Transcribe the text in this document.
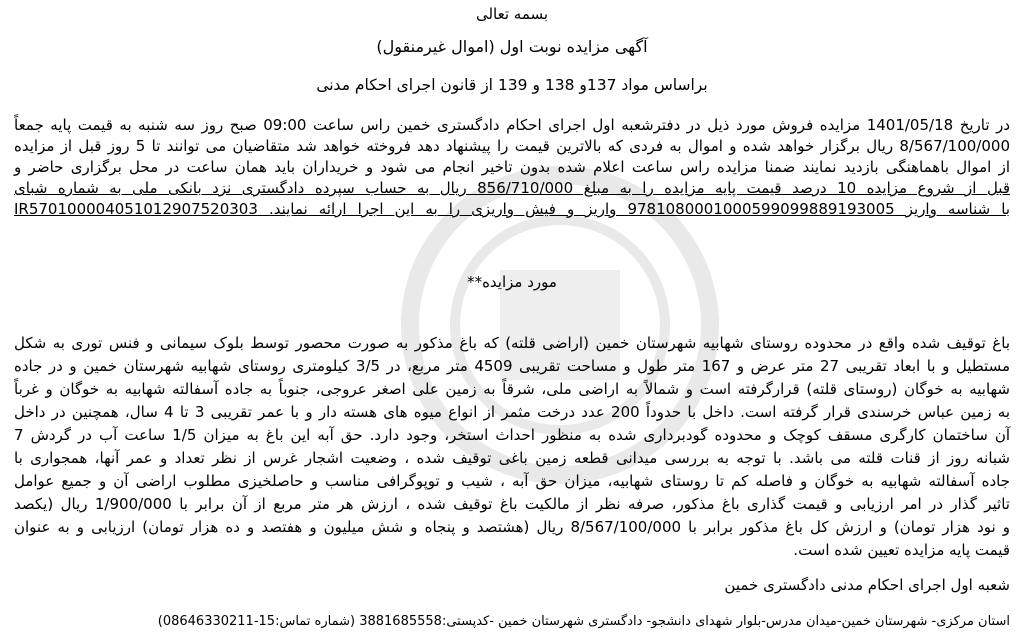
بسمه تعالی
آگهی مزایده نوبت اول (اموال غیرمنقول)
براساس مواد 137و 138 و 139 از قانون اجرای احکام مدنی
در تاریخ 1401/05/18 مزایده فروش مورد ذیل در دفترشعبه اول اجرای احکام دادگستری خمین راس ساعت 09:00 صبح روز سه شنبه به قیمت پایه جمعاً
8/567/100/000 ریال برگزار خواهد شده و اموال به فردی که بالاترین قیمت را پیشنهاد دهد فروخته خواهد شد متقاضیان می توانند تا 5 روز قبل از مزایده
از اموال باهماهنگی بازدید نمایند ضمنا مزایده راس ساعت اعلام شده بدون تاخیر انجام می شود و خریداران باید همان ساعت در محل برگزاری حاضر و
قبل از شروع مزایده 10 درصد قیمت پایه مزایده را به مبلغ 856/710/000 ریال به حساب سپرده دادگستری نزد بانکی ملی به شماره شبای
با شناسه واریز 9781080001000599099889193005 واریز و فیش واریزی را به این اجرا ارائه نمایند. IR570100004051012907520303
مورد مزایده**
باغ توقیف شده واقع در محدوده روستای شهابیه شهرستان خمین (اراضی قلته) که باغ مذکور به صورت محصور توسط بلوک سیمانی و فنس توری به شکل
مستطیل و با ابعاد تقریبی 27 متر عرض و 167 متر طول و مساحت تقریبی 4509 متر مربع، در 3/5 کیلومتری روستای شهابیه شهرستان خمین و در جاده
شهابیه به خوگان (روستای قلته) قرارگرفته است و شمالاً به اراضی ملی، شرقاً به زمین علی اصغر عروجی، جنوباً به جاده آسفالته شهابیه به خوگان و غرباً
به زمین عباس خرسندی قرار گرفته است. داخل با حدوداً 200 عدد درخت مثمر از انواع میوه های هسته دار و با عمر تقریبی 3 تا 4 سال، همچنین در داخل
آن ساختمان کارگری مسقف کوچک و محدوده گودبرداری شده به منظور احداث استخر، وجود دارد. حق آبه این باغ به میزان 1/5 ساعت آب در گردش 7
شبانه روز از قنات قلته می باشد. با توجه به بررسی میدانی قطعه زمین باغی توقیف شده ، وضعیت اشجار غرس از نظر تعداد و عمر آنها، همجواری با
جاده آسفالته شهابیه به خوگان و فاصله کم تا روستای شهابیه، میزان حق آبه ، شیب و توپوگرافی مناسب و حاصلخیزی مطلوب اراضی آن و جمیع عوامل
تاثیر گذار در امر ارزیابی و قیمت گذاری باغ مذکور، صرفه نظر از مالکیت باغ توقیف شده ، ارزش هر متر مربع از آن برابر با 1/900/000 ریال (یکصد
و نود هزار تومان) و ارزش کل باغ مذکور برابر با 8/567/100/000 ریال (هشتصد و پنجاه و شش میلیون و هفتصد و ده هزار تومان) ارزیابی و به عنوان
قیمت پایه مزایده تعیین شده است.
شعبه اول اجرای احکام مدنی دادگستری خمین
استان مرکزی- شهرستان خمین-میدان مدرس-بلوار شهدای دانشجو- دادگستری شهرستان خمین -کدپستی:3881685558 (شماره تماس:15-08646330211)
